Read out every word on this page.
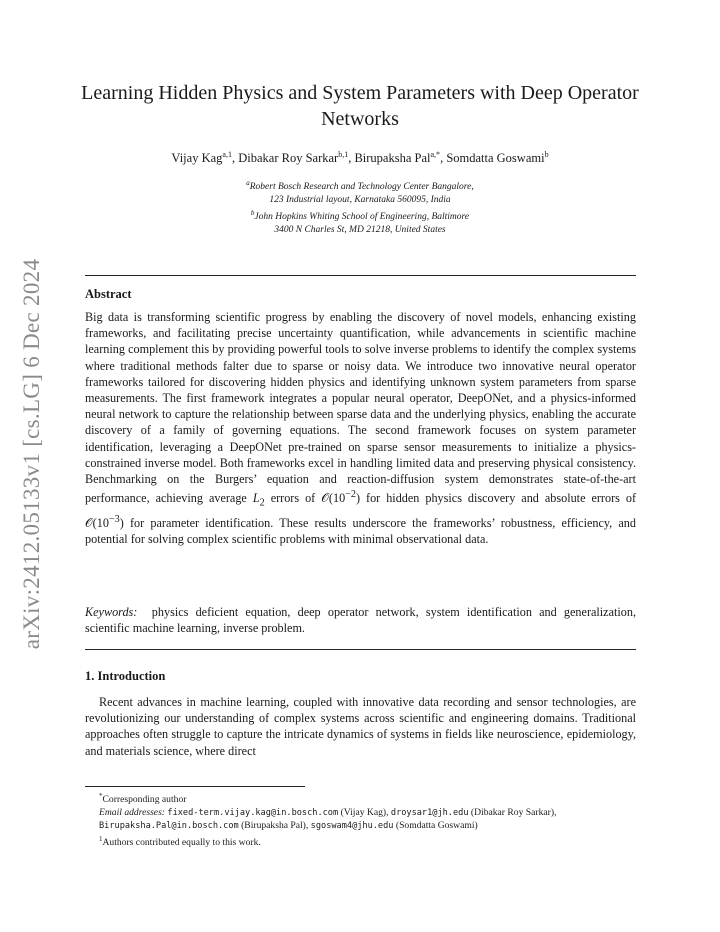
arXiv:2412.05133v1 [cs.LG] 6 Dec 2024
Learning Hidden Physics and System Parameters with Deep Operator Networks
Vijay Kag$^{a,1}$, Dibakar Roy Sarkar$^{b,1}$, Birupaksha Pal$^{a,*}$, Somdatta Goswami$^b$
$^a$Robert Bosch Research and Technology Center Bangalore,
123 Industrial layout, Karnataka 560095, India
$^b$John Hopkins Whiting School of Engineering, Baltimore
3400 N Charles St, MD 21218, United States
Abstract

Big data is transforming scientific progress by enabling the discovery of novel models, enhancing existing frameworks, and facilitating precise uncertainty quantification, while advancements in scientific machine learning complement this by providing powerful tools to solve inverse problems to identify the complex systems where traditional methods falter due to sparse or noisy data. We introduce two innovative neural operator frameworks tailored for discovering hidden physics and identifying unknown system parameters from sparse measurements. The first framework integrates a popular neural operator, DeepONet, and a physics-informed neural network to capture the relationship between sparse data and the underlying physics, enabling the accurate discovery of a family of governing equations. The second framework focuses on system parameter identification, leveraging a DeepONet pre-trained on sparse sensor measurements to initialize a physics-constrained inverse model. Both frameworks excel in handling limited data and preserving physical consistency. Benchmarking on the Burgers’ equation and reaction-diffusion system demonstrates state-of-the-art performance, achieving average $L_2$ errors of $𝒪(10^{-2})$ for hidden physics discovery and absolute errors of $𝒪(10^{-3})$ for parameter identification. These results underscore the frameworks’ robustness, efficiency, and potential for solving complex scientific problems with minimal observational data.

Keywords: physics deficient equation, deep operator network, system identification and generalization, scientific machine learning, inverse problem.

1. Introduction

Recent advances in machine learning, coupled with innovative data recording and sensor technologies, are revolutionizing our understanding of complex systems across scientific and engineering domains. Traditional approaches often struggle to capture the intricate dynamics of systems in fields like neuroscience, epidemiology, and materials science, where direct

*Corresponding author

Email addresses: fixed-term.vijay.kag@in.bosch.com (Vijay Kag), droysar1@jh.edu (Dibakar Roy Sarkar), Birupaksha.Pal@in.bosch.com (Birupaksha Pal), sgoswam4@jhu.edu (Somdatta Goswami)

$^1$Authors contributed equally to this work.
